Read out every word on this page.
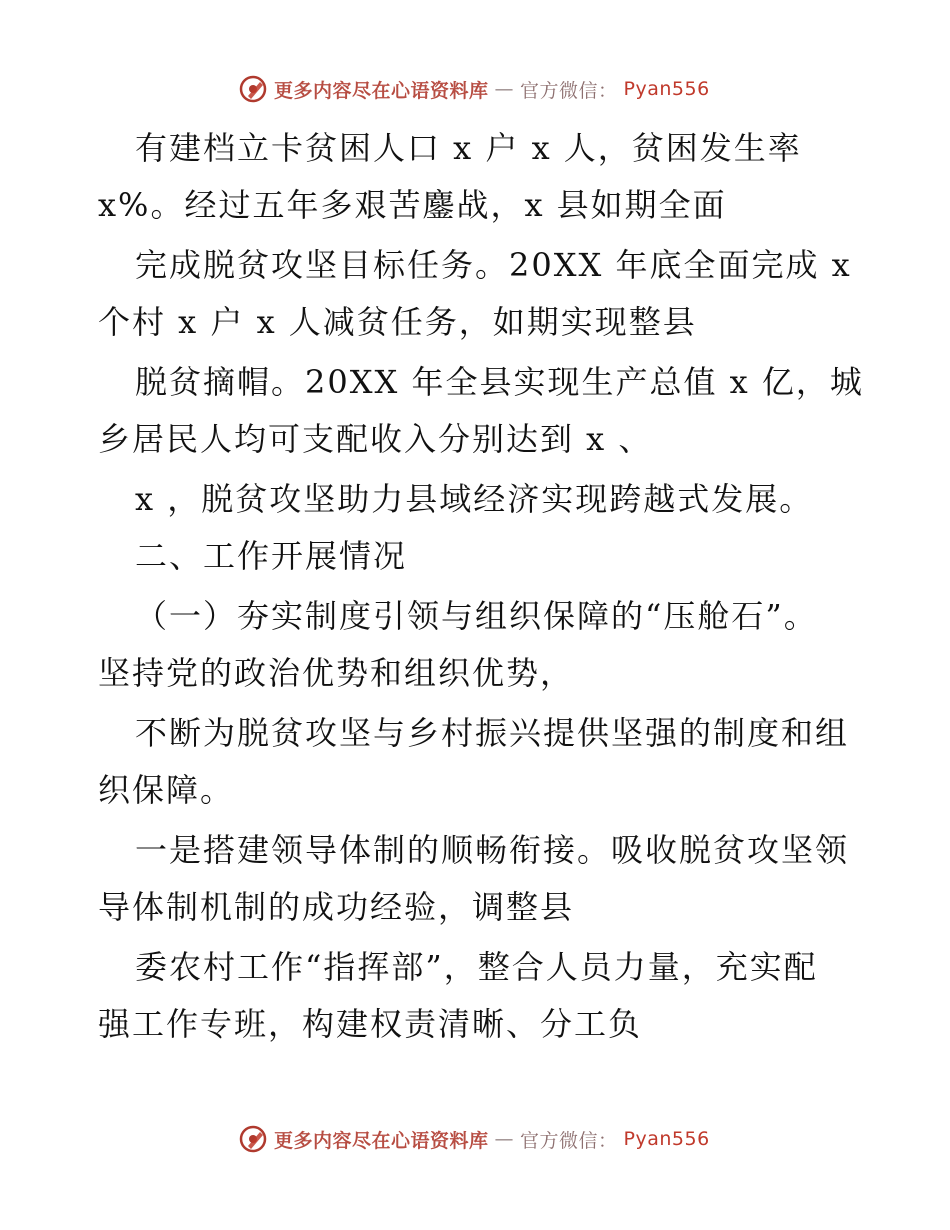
更多内容尽在心语资料库 — 官方微信： Pyan556
有建档立卡贫困人口 x 户 x 人，贫困发生率
x%。经过五年多艰苦鏖战，x 县如期全面
完成脱贫攻坚目标任务。20XX 年底全面完成 x
个村 x 户 x 人减贫任务，如期实现整县
脱贫摘帽。20XX 年全县实现生产总值 x 亿，城
乡居民人均可支配收入分别达到 x 、
x ，脱贫攻坚助力县域经济实现跨越式发展。
二、工作开展情况
（一）夯实制度引领与组织保障的“压舱石”。
坚持党的政治优势和组织优势，
不断为脱贫攻坚与乡村振兴提供坚强的制度和组
织保障。
一是搭建领导体制的顺畅衔接。吸收脱贫攻坚领
导体制机制的成功经验，调整县
委农村工作“指挥部”，整合人员力量，充实配
强工作专班，构建权责清晰、分工负
更多内容尽在心语资料库 — 官方微信： Pyan556
